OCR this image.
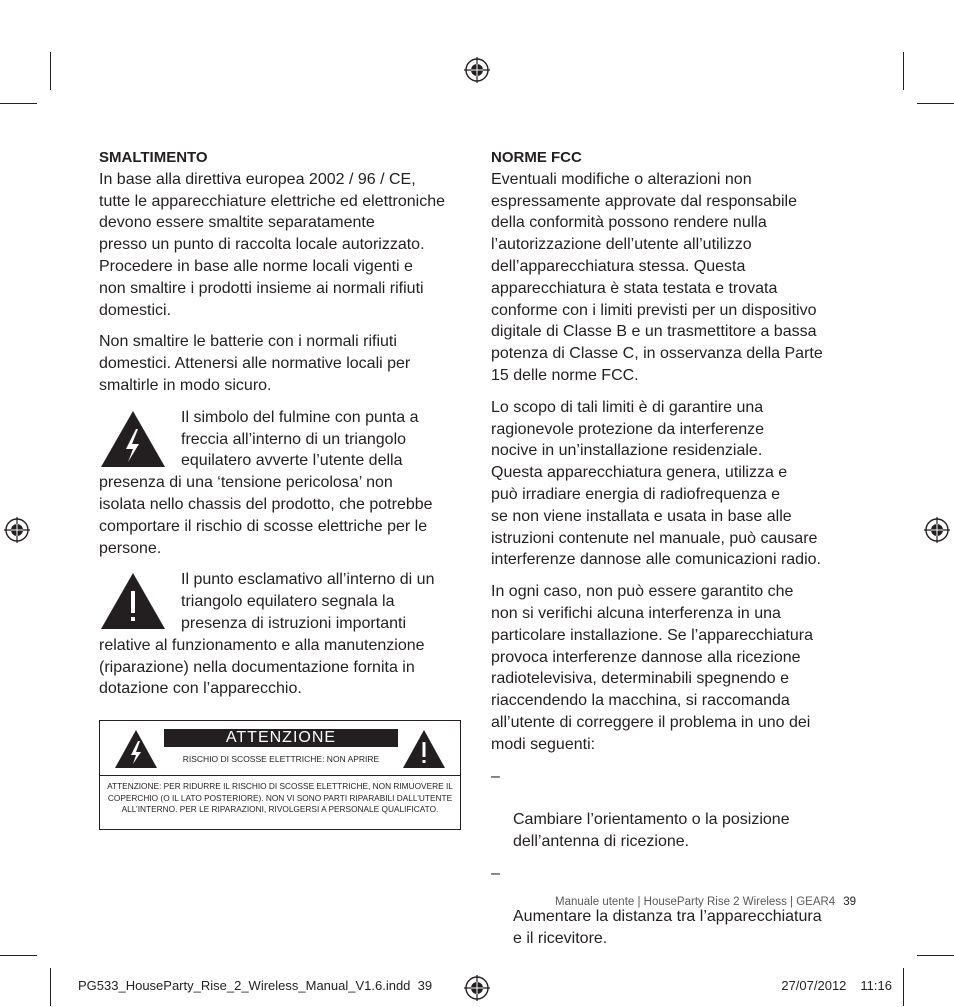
SMALTIMENTO

In base alla direttiva europea 2002 / 96 / CE,
tutte le apparecchiature elettriche ed elettroniche
devono essere smaltite separatamente
presso un punto di raccolta locale autorizzato.
Procedere in base alle norme locali vigenti e
non smaltire i prodotti insieme ai normali rifiuti
domestici.

Non smaltire le batterie con i normali rifiuti
domestici. Attenersi alle normative locali per
smaltirle in modo sicuro.

Il simbolo del fulmine con punta a
freccia all’interno di un triangolo
equilatero avverte l’utente della
presenza di una ‘tensione pericolosa’ non
isolata nello chassis del prodotto, che potrebbe
comportare il rischio di scosse elettriche per le
persone.
Il punto esclamativo all’interno di un
triangolo equilatero segnala la
presenza di istruzioni importanti
relative al funzionamento e alla manutenzione
(riparazione) nella documentazione fornita in
dotazione con l’apparecchio.
ATTENZIONE
RISCHIO DI SCOSSE ELETTRICHE: NON APRIRE
ATTENZIONE: PER RIDURRE IL RISCHIO DI SCOSSE ELETTRICHE, NON RIMUOVERE IL COPERCHIO (O IL LATO POSTERIORE). NON VI SONO PARTI RIPARABILI DALL’UTENTE ALL’INTERNO. PER LE RIPARAZIONI, RIVOLGERSI A PERSONALE QUALIFICATO.
NORME FCC

Eventuali modifiche o alterazioni non
espressamente approvate dal responsabile
della conformità possono rendere nulla
l’autorizzazione dell’utente all’utilizzo
dell’apparecchiatura stessa. Questa
apparecchiatura è stata testata e trovata
conforme con i limiti previsti per un dispositivo
digitale di Classe B e un trasmettitore a bassa
potenza di Classe C, in osservanza della Parte
15 delle norme FCC.

Lo scopo di tali limiti è di garantire una
ragionevole protezione da interferenze
nocive in un’installazione residenziale.
Questa apparecchiatura genera, utilizza e
può irradiare energia di radiofrequenza e
se non viene installata e usata in base alle
istruzioni contenute nel manuale, può causare
interferenze dannose alle comunicazioni radio.

In ogni caso, non può essere garantito che
non si verifichi alcuna interferenza in una
particolare installazione. Se l’apparecchiatura
provoca interferenze dannose alla ricezione
radiotelevisiva, determinabili spegnendo e
riaccendendo la macchina, si raccomanda
all’utente di correggere il problema in uno dei
modi seguenti:

–

Cambiare l’orientamento o la posizione
dell’antenna di ricezione.

–

Aumentare la distanza tra l’apparecchiatura
e il ricevitore.

Manuale utente | HouseParty Rise 2 Wireless | GEAR4 39
PG533_HouseParty_Rise_2_Wireless_Manual_V1.6.indd 39	27/07/2012 11:16
